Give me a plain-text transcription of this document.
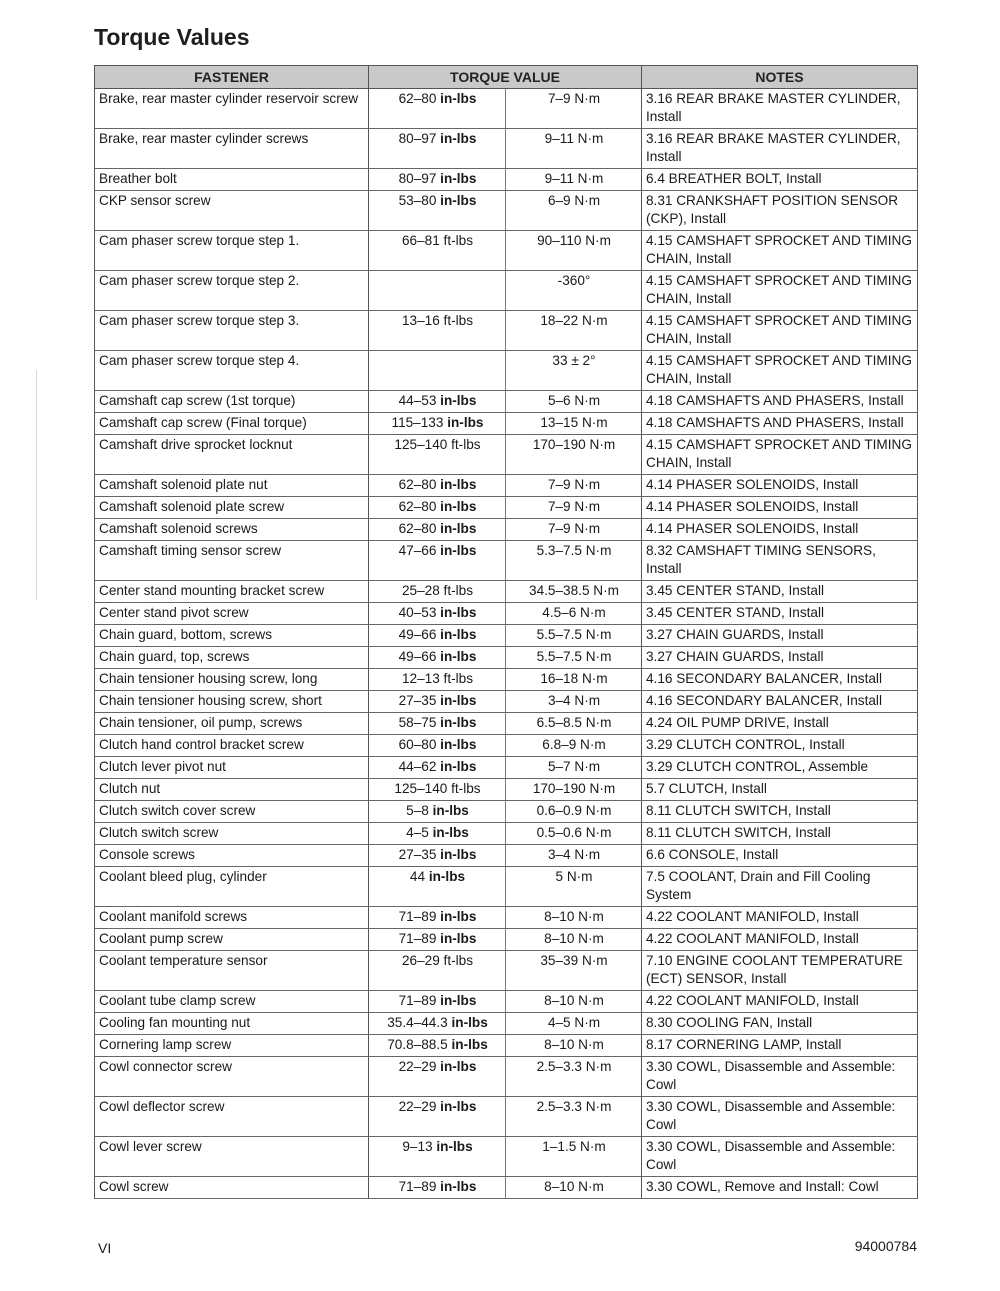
Torque Values
FASTENER	TORQUE VALUE		NOTES
Brake, rear master cylinder reservoir screw	62–80 in-lbs	7–9 N·m	3.16 REAR BRAKE MASTER CYLINDER, Install
Brake, rear master cylinder screws	80–97 in-lbs	9–11 N·m	3.16 REAR BRAKE MASTER CYLINDER, Install
Breather bolt	80–97 in-lbs	9–11 N·m	6.4 BREATHER BOLT, Install
CKP sensor screw	53–80 in-lbs	6–9 N·m	8.31 CRANKSHAFT POSITION SENSOR (CKP), Install
Cam phaser screw torque step 1.	66–81 ft-lbs	90–110 N·m	4.15 CAMSHAFT SPROCKET AND TIMING CHAIN, Install
Cam phaser screw torque step 2.		-360°	4.15 CAMSHAFT SPROCKET AND TIMING CHAIN, Install
Cam phaser screw torque step 3.	13–16 ft-lbs	18–22 N·m	4.15 CAMSHAFT SPROCKET AND TIMING CHAIN, Install
Cam phaser screw torque step 4.		33 ± 2°	4.15 CAMSHAFT SPROCKET AND TIMING CHAIN, Install
Camshaft cap screw (1st torque)	44–53 in-lbs	5–6 N·m	4.18 CAMSHAFTS AND PHASERS, Install
Camshaft cap screw (Final torque)	115–133 in-lbs	13–15 N·m	4.18 CAMSHAFTS AND PHASERS, Install
Camshaft drive sprocket locknut	125–140 ft-lbs	170–190 N·m	4.15 CAMSHAFT SPROCKET AND TIMING CHAIN, Install
Camshaft solenoid plate nut	62–80 in-lbs	7–9 N·m	4.14 PHASER SOLENOIDS, Install
Camshaft solenoid plate screw	62–80 in-lbs	7–9 N·m	4.14 PHASER SOLENOIDS, Install
Camshaft solenoid screws	62–80 in-lbs	7–9 N·m	4.14 PHASER SOLENOIDS, Install
Camshaft timing sensor screw	47–66 in-lbs	5.3–7.5 N·m	8.32 CAMSHAFT TIMING SENSORS, Install
Center stand mounting bracket screw	25–28 ft-lbs	34.5–38.5 N·m	3.45 CENTER STAND, Install
Center stand pivot screw	40–53 in-lbs	4.5–6 N·m	3.45 CENTER STAND, Install
Chain guard, bottom, screws	49–66 in-lbs	5.5–7.5 N·m	3.27 CHAIN GUARDS, Install
Chain guard, top, screws	49–66 in-lbs	5.5–7.5 N·m	3.27 CHAIN GUARDS, Install
Chain tensioner housing screw, long	12–13 ft-lbs	16–18 N·m	4.16 SECONDARY BALANCER, Install
Chain tensioner housing screw, short	27–35 in-lbs	3–4 N·m	4.16 SECONDARY BALANCER, Install
Chain tensioner, oil pump, screws	58–75 in-lbs	6.5–8.5 N·m	4.24 OIL PUMP DRIVE, Install
Clutch hand control bracket screw	60–80 in-lbs	6.8–9 N·m	3.29 CLUTCH CONTROL, Install
Clutch lever pivot nut	44–62 in-lbs	5–7 N·m	3.29 CLUTCH CONTROL, Assemble
Clutch nut	125–140 ft-lbs	170–190 N·m	5.7 CLUTCH, Install
Clutch switch cover screw	5–8 in-lbs	0.6–0.9 N·m	8.11 CLUTCH SWITCH, Install
Clutch switch screw	4–5 in-lbs	0.5–0.6 N·m	8.11 CLUTCH SWITCH, Install
Console screws	27–35 in-lbs	3–4 N·m	6.6 CONSOLE, Install
Coolant bleed plug, cylinder	44 in-lbs	5 N·m	7.5 COOLANT, Drain and Fill Cooling System
Coolant manifold screws	71–89 in-lbs	8–10 N·m	4.22 COOLANT MANIFOLD, Install
Coolant pump screw	71–89 in-lbs	8–10 N·m	4.22 COOLANT MANIFOLD, Install
Coolant temperature sensor	26–29 ft-lbs	35–39 N·m	7.10 ENGINE COOLANT TEMPERATURE (ECT) SENSOR, Install
Coolant tube clamp screw	71–89 in-lbs	8–10 N·m	4.22 COOLANT MANIFOLD, Install
Cooling fan mounting nut	35.4–44.3 in-lbs	4–5 N·m	8.30 COOLING FAN, Install
Cornering lamp screw	70.8–88.5 in-lbs	8–10 N·m	8.17 CORNERING LAMP, Install
Cowl connector screw	22–29 in-lbs	2.5–3.3 N·m	3.30 COWL, Disassemble and Assemble: Cowl
Cowl deflector screw	22–29 in-lbs	2.5–3.3 N·m	3.30 COWL, Disassemble and Assemble: Cowl
Cowl lever screw	9–13 in-lbs	1–1.5 N·m	3.30 COWL, Disassemble and Assemble: Cowl
Cowl screw	71–89 in-lbs	8–10 N·m	3.30 COWL, Remove and Install: Cowl
VI	94000784
